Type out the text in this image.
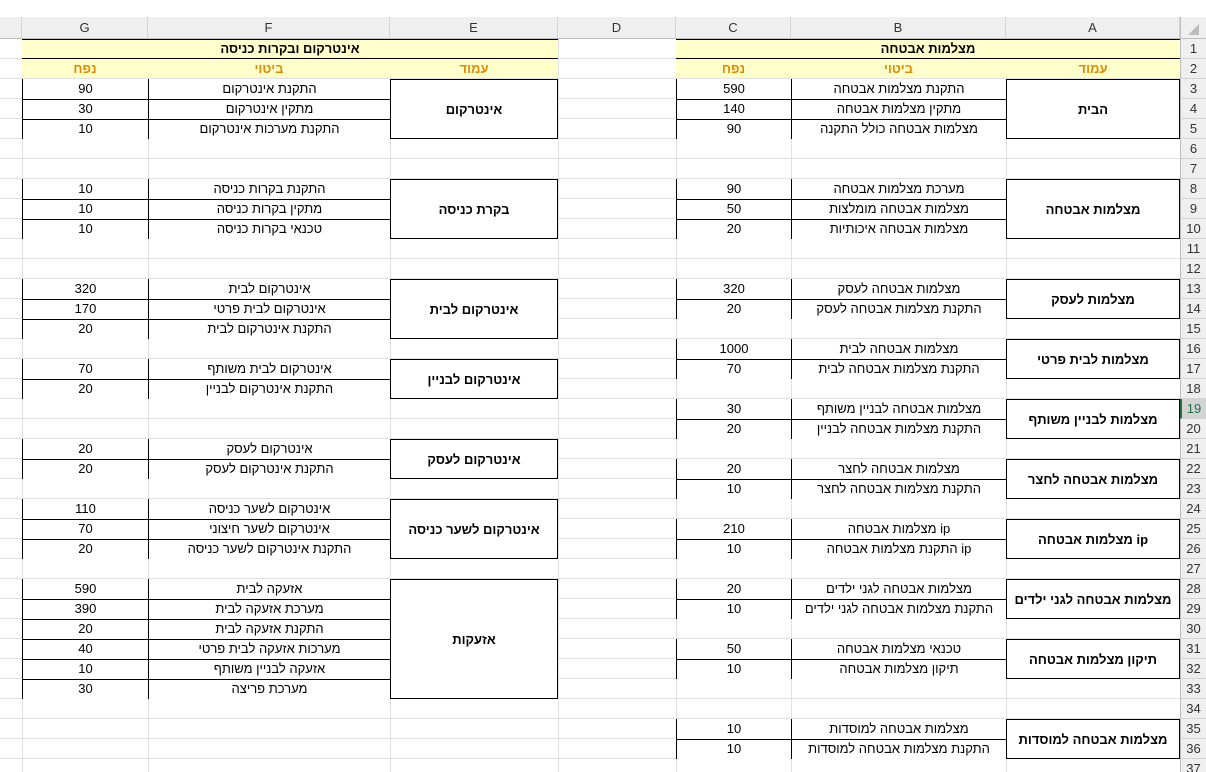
A
B
C
D
E
F
G
1
2
3
4
5
6
7
8
9
10
11
12
13
14
15
16
17
18
19
20
21
22
23
24
25
26
27
28
29
30
31
32
33
34
35
36
37
מצלמות אבטחה
עמוד
ביטוי
נפח
הבית
התקנת מצלמות אבטחה
590
מתקין מצלמות אבטחה
140
מצלמות אבטחה כולל התקנה
90
מצלמות אבטחה
מערכת מצלמות אבטחה
90
מצלמות אבטחה מומלצות
50
מצלמות אבטחה איכותיות
20
מצלמות לעסק
מצלמות אבטחה לעסק
320
התקנת מצלמות אבטחה לעסק
20
מצלמות לבית פרטי
מצלמות אבטחה לבית
1000
התקנת מצלמות אבטחה לבית
70
מצלמות לבניין משותף
מצלמות אבטחה לבניין משותף
30
התקנת מצלמות אבטחה לבניין
20
מצלמות אבטחה לחצר
מצלמות אבטחה לחצר
20
התקנת מצלמות אבטחה לחצר
10
מצלמות אבטחה ip
מצלמות אבטחה ip
210
התקנת מצלמות אבטחה ip
10
מצלמות אבטחה לגני ילדים
מצלמות אבטחה לגני ילדים
20
התקנת מצלמות אבטחה לגני ילדים
10
תיקון מצלמות אבטחה
טכנאי מצלמות אבטחה
50
תיקון מצלמות אבטחה
10
מצלמות אבטחה למוסדות
מצלמות אבטחה למוסדות
10
התקנת מצלמות אבטחה למוסדות
10
אינטרקום ובקרות כניסה
עמוד
ביטוי
נפח
אינטרקום
התקנת אינטרקום
90
מתקין אינטרקום
30
התקנת מערכות אינטרקום
10
בקרת כניסה
התקנת בקרות כניסה
10
מתקין בקרות כניסה
10
טכנאי בקרות כניסה
10
אינטרקום לבית
אינטרקום לבית
320
אינטרקום לבית פרטי
170
התקנת אינטרקום לבית
20
אינטרקום לבניין
אינטרקום לבית משותף
70
התקנת אינטרקום לבניין
20
אינטרקום לעסק
אינטרקום לעסק
20
התקנת אינטרקום לעסק
20
אינטרקום לשער כניסה
אינטרקום לשער כניסה
110
אינטרקום לשער חיצוני
70
התקנת אינטרקום לשער כניסה
20
אזעקות
אזעקה לבית
590
מערכת אזעקה לבית
390
התקנת אזעקה לבית
20
מערכות אזעקה לבית פרטי
40
אזעקה לבניין משותף
10
מערכת פריצה
30
